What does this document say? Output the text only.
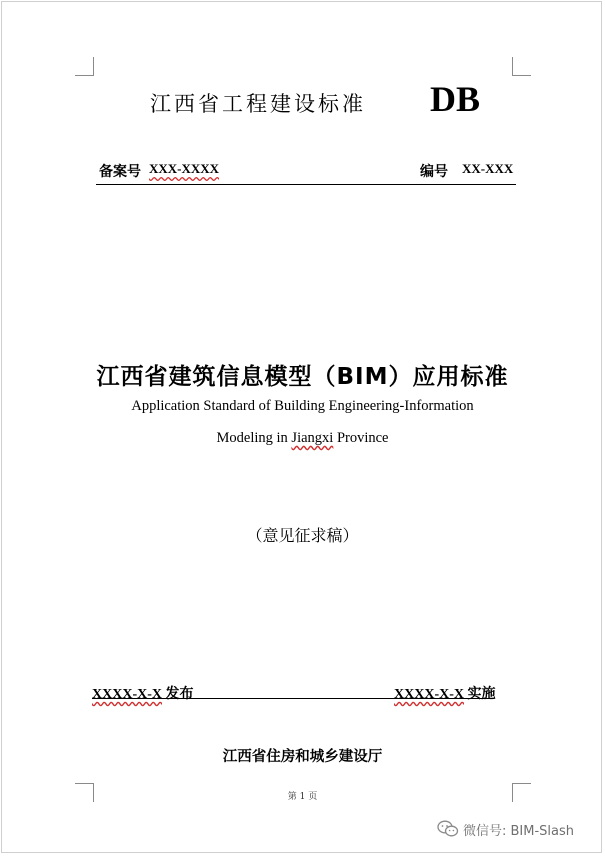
江西省工程建设标准	DB
备案号 XXX-XXXX	编号 XX-XXX
江西省建筑信息模型（BIM）应用标准
Application Standard of Building Engineering-Information
Modeling in Jiangxi Province
（意见征求稿）
XXXX-X-X 发布	XXXX-X-X 实施
江西省住房和城乡建设厅
第 1 页
微信号: BIM-Slash
